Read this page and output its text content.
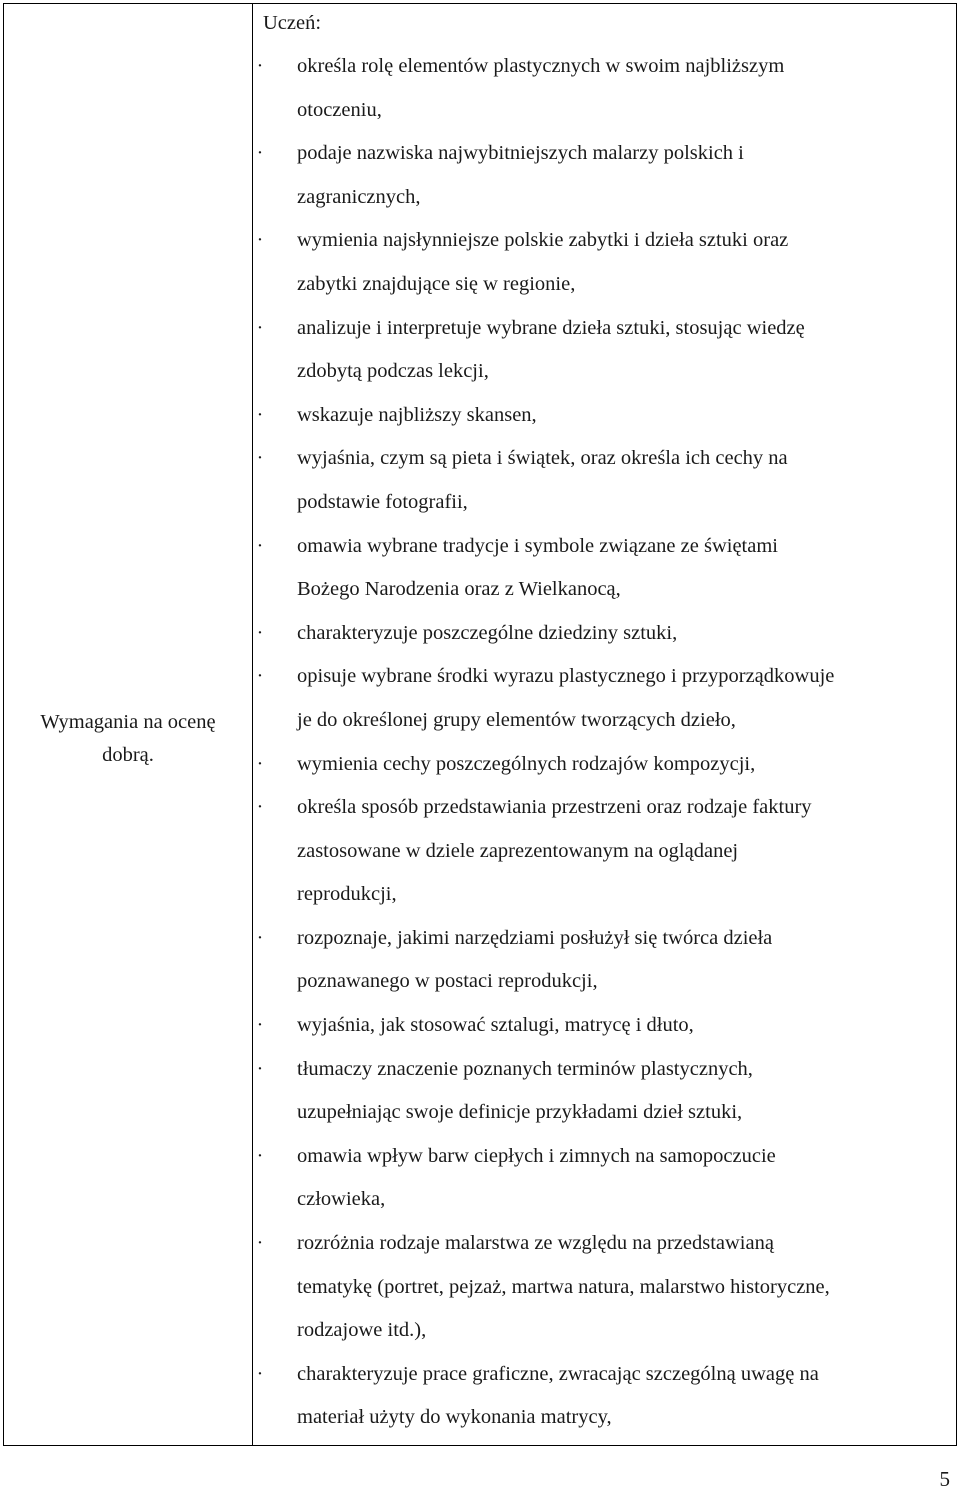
Wymagania na ocenę
dobrą.
Uczeń:
· określa rolę elementów plastycznych w swoim najbliższym
otoczeniu,
· podaje nazwiska najwybitniejszych malarzy polskich i
zagranicznych,
· wymienia najsłynniejsze polskie zabytki i dzieła sztuki oraz
zabytki znajdujące się w regionie,
· analizuje i interpretuje wybrane dzieła sztuki, stosując wiedzę
zdobytą podczas lekcji,
· wskazuje najbliższy skansen,
· wyjaśnia, czym są pieta i świątek, oraz określa ich cechy na
podstawie fotografii,
· omawia wybrane tradycje i symbole związane ze świętami
Bożego Narodzenia oraz z Wielkanocą,
· charakteryzuje poszczególne dziedziny sztuki,
· opisuje wybrane środki wyrazu plastycznego i przyporządkowuje
je do określonej grupy elementów tworzących dzieło,
· wymienia cechy poszczególnych rodzajów kompozycji,
· określa sposób przedstawiania przestrzeni oraz rodzaje faktury
zastosowane w dziele zaprezentowanym na oglądanej
reprodukcji,
· rozpoznaje, jakimi narzędziami posłużył się twórca dzieła
poznawanego w postaci reprodukcji,
· wyjaśnia, jak stosować sztalugi, matrycę i dłuto,
· tłumaczy znaczenie poznanych terminów plastycznych,
uzupełniając swoje definicje przykładami dzieł sztuki,
· omawia wpływ barw ciepłych i zimnych na samopoczucie
człowieka,
· rozróżnia rodzaje malarstwa ze względu na przedstawianą
tematykę (portret, pejzaż, martwa natura, malarstwo historyczne,
rodzajowe itd.),
· charakteryzuje prace graficzne, zwracając szczególną uwagę na
materiał użyty do wykonania matrycy,
5
